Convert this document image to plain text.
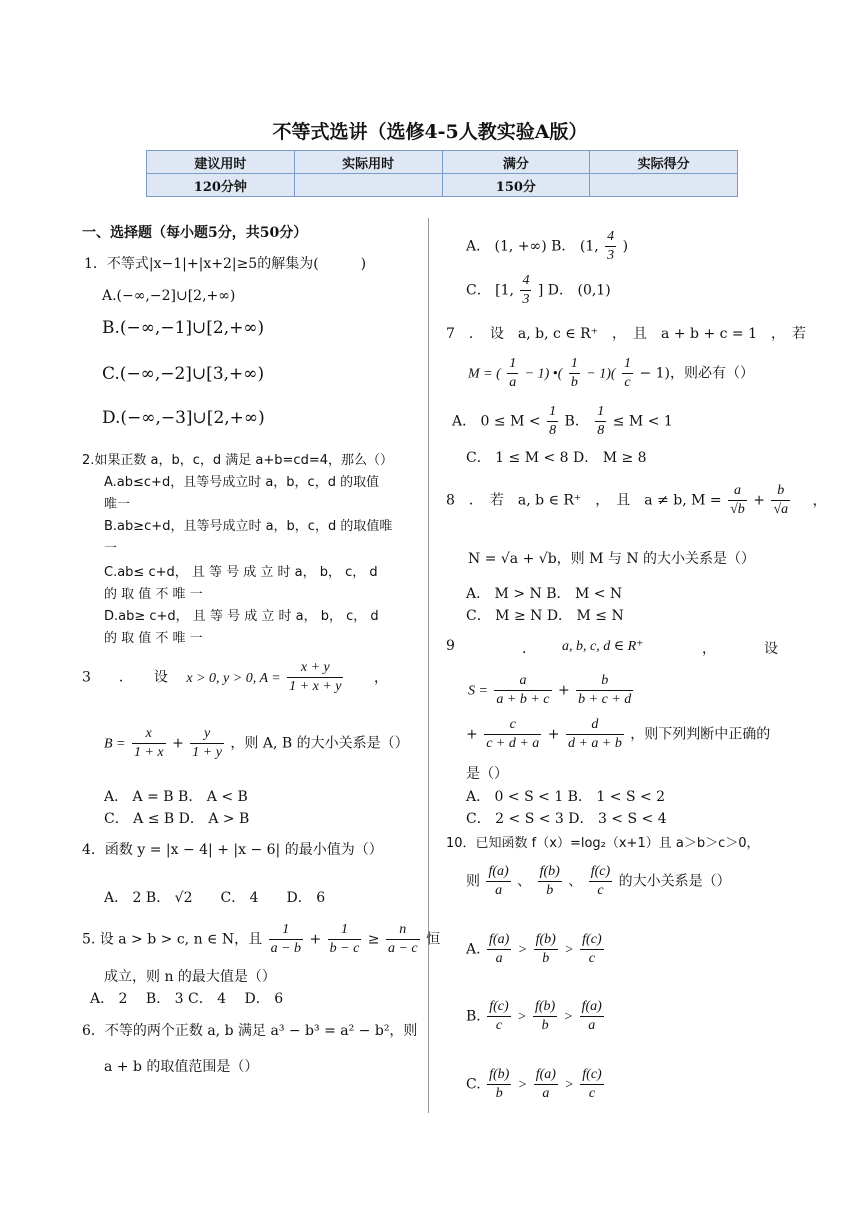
不等式选讲（选修4-5人教实验A版）
建议用时	实际用时	满分	实际得分
120分钟		150分	
一、选择题（每小题5分，共50分）
1．不等式|x−1|+|x+2|≥5的解集为(　　　)
A.(−∞,−2]∪[2,+∞)
B.(−∞,−1]∪[2,+∞)
C.(−∞,−2]∪[3,+∞)
D.(−∞,−3]∪[2,+∞)
2.如果正数 a，b，c，d 满足 a+b=cd=4，那么（）
A.ab≤c+d，且等号成立时 a，b，c，d 的取值
唯一
B.ab≥c+d，且等号成立时 a，b，c，d 的取值唯
一
C.ab≤ c+d， 且 等 号 成 立 时 a， b， c， d
的 取 值 不 唯 一
D.ab≥ c+d， 且 等 号 成 立 时 a， b， c， d
的 取 值 不 唯 一
3　　．　　设 x > 0, y > 0, $A = \frac{x + y}{1 + x + y}$ ，
$B = \frac{x}{1 + x} + \frac{y}{1 + y}$ ，则 A, B 的大小关系是（）
A． A = B B． A < B
C． A ≤ B D． A > B
4．函数 y = |x − 4| + |x − 6| 的最小值为（）
A． 2 B． √2　　C． 4　　D． 6
5. 设 a > b > c, n ∈ N，且 $\frac{1}{a - b} + \frac{1}{b - c} \ge \frac{n}{a - c}$ 恒
成立，则 n 的最大值是（）
A． 2　 B． 3 C． 4　 D． 6
6．不等的两个正数 a, b 满足 a³ − b³ = a² − b²，则
a + b 的取值范围是（）
A． (1, +∞) B． (1, $\frac{4}{3}$ )
C． [1, $\frac{4}{3}$ ] D． (0,1)
7　．　设　a, b, c ∈ R⁺　，　且　a + b + c = 1　，　若
M = ( $\frac{1}{a} - 1$) •( $\frac{1}{b} - 1)( \frac{1}{c} - 1)$，则必有（）
A． $0 \le M < \frac{1}{8}$ B． $\frac{1}{8} \le M < 1$
C． 1 ≤ M < 8 D． M ≥ 8
8　．　若　a, b ∈ R⁺　，　且　a ≠ b, $M = \frac{a}{√b} + \frac{b}{√a}$ ，
N = √a + √b，则 M 与 N 的大小关系是（）
A． M > N B． M < N
C． M ≥ N D． M ≤ N
9	． a, b, c, d ∈ R⁺	，	设
$S = \frac{a}{a + b + c} + \frac{b}{b + c + d}$
+ $\frac{c}{c + d + a} + \frac{d}{d + a + b}$ ，则下列判断中正确的
是（）
A． 0 < S < 1 B． 1 < S < 2
C． 2 < S < 3 D． 3 < S < 4
10．已知函数 f（x）=log₂（x+1）且 a＞b＞c＞0，
则 $\frac{f(a)}{a}$ 、 $\frac{f(b)}{b}$ 、 $\frac{f(c)}{c}$ 的大小关系是（）
A. $\frac{f(a)}{a} > \frac{f(b)}{b} > \frac{f(c)}{c}$
B. $\frac{f(c)}{c} > \frac{f(b)}{b} > \frac{f(a)}{a}$
C. $\frac{f(b)}{b} > \frac{f(a)}{a} > \frac{f(c)}{c}$
